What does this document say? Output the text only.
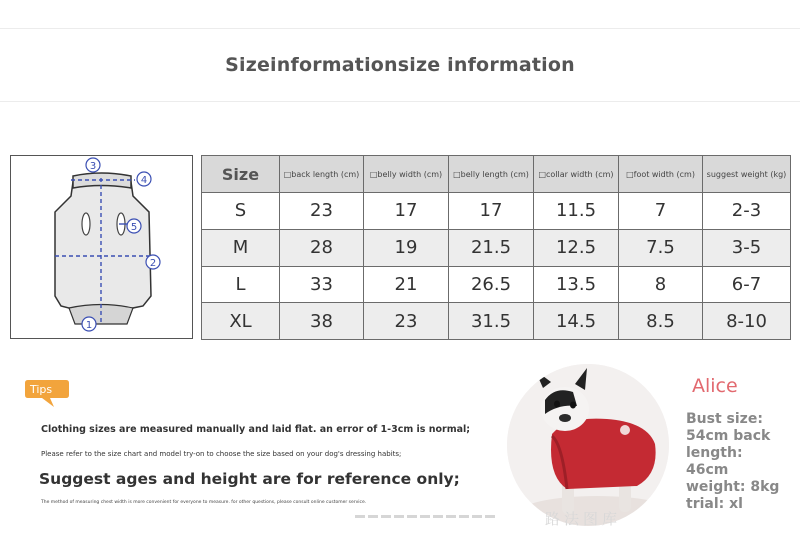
Sizeinformationsize information
3
4
5
2
1
Size	□back length (cm)	□belly width (cm)	□belly length (cm)	□collar width (cm)	□foot width (cm)	suggest weight (kg)
S	23	17	17	11.5	7	2-3
M	28	19	21.5	12.5	7.5	3-5
L	33	21	26.5	13.5	8	6-7
XL	38	23	31.5	14.5	8.5	8-10
Tips
Clothing sizes are measured manually and laid flat. an error of 1-3cm is normal;
Please refer to the size chart and model try-on to choose the size based on your dog's dressing habits;
Suggest ages and height are for reference only;
The method of measuring chest width is more convenient for everyone to measure. for other questions, please consult online customer service.
路法图库
Alice
Bust size:
54cm back
length:
46cm
weight: 8kg
trial: xl
